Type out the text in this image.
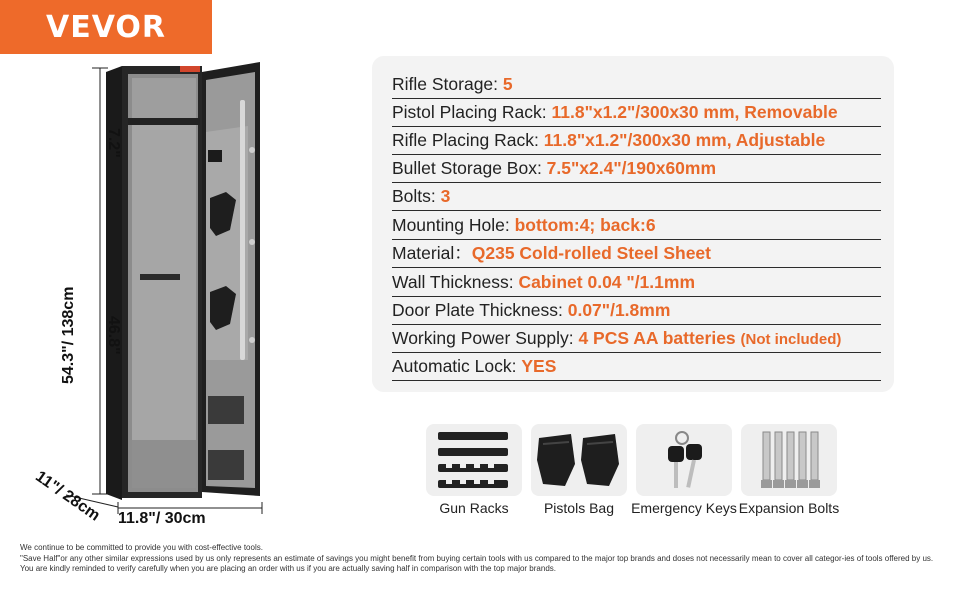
VEVOR
7.2"
54.3"/ 138cm 46.8"
11"/ 28cm 11.8"/ 30cm
Rifle Storage: 5
Pistol Placing Rack: 11.8"x1.2"/300x30 mm, Removable
Rifle Placing Rack: 11.8"x1.2"/300x30 mm, Adjustable
Bullet Storage Box: 7.5"x2.4"/190x60mm
Bolts: 3
Mounting Hole: bottom:4; back:6
Material：Q235 Cold-rolled Steel Sheet
Wall Thickness: Cabinet 0.04 "/1.1mm
Door Plate Thickness: 0.07"/1.8mm
Working Power Supply: 4 PCS AA batteries (Not included)
Automatic Lock: YES
Gun Racks	Pistols Bag	Emergency Keys Expansion Bolts

We continue to be committed to provide you with cost-effective tools.

"Save Half"or any other similar expressions used by us only represents an estimate of savings you might benefit from buying certain tools with us compared to the major top brands and doses not necessarily mean to cover all categor-ies of tools offered by us.

You are kindly reminded to verify carefully when you are placing an order with us if you are actually saving half in comparison with the top major brands.
